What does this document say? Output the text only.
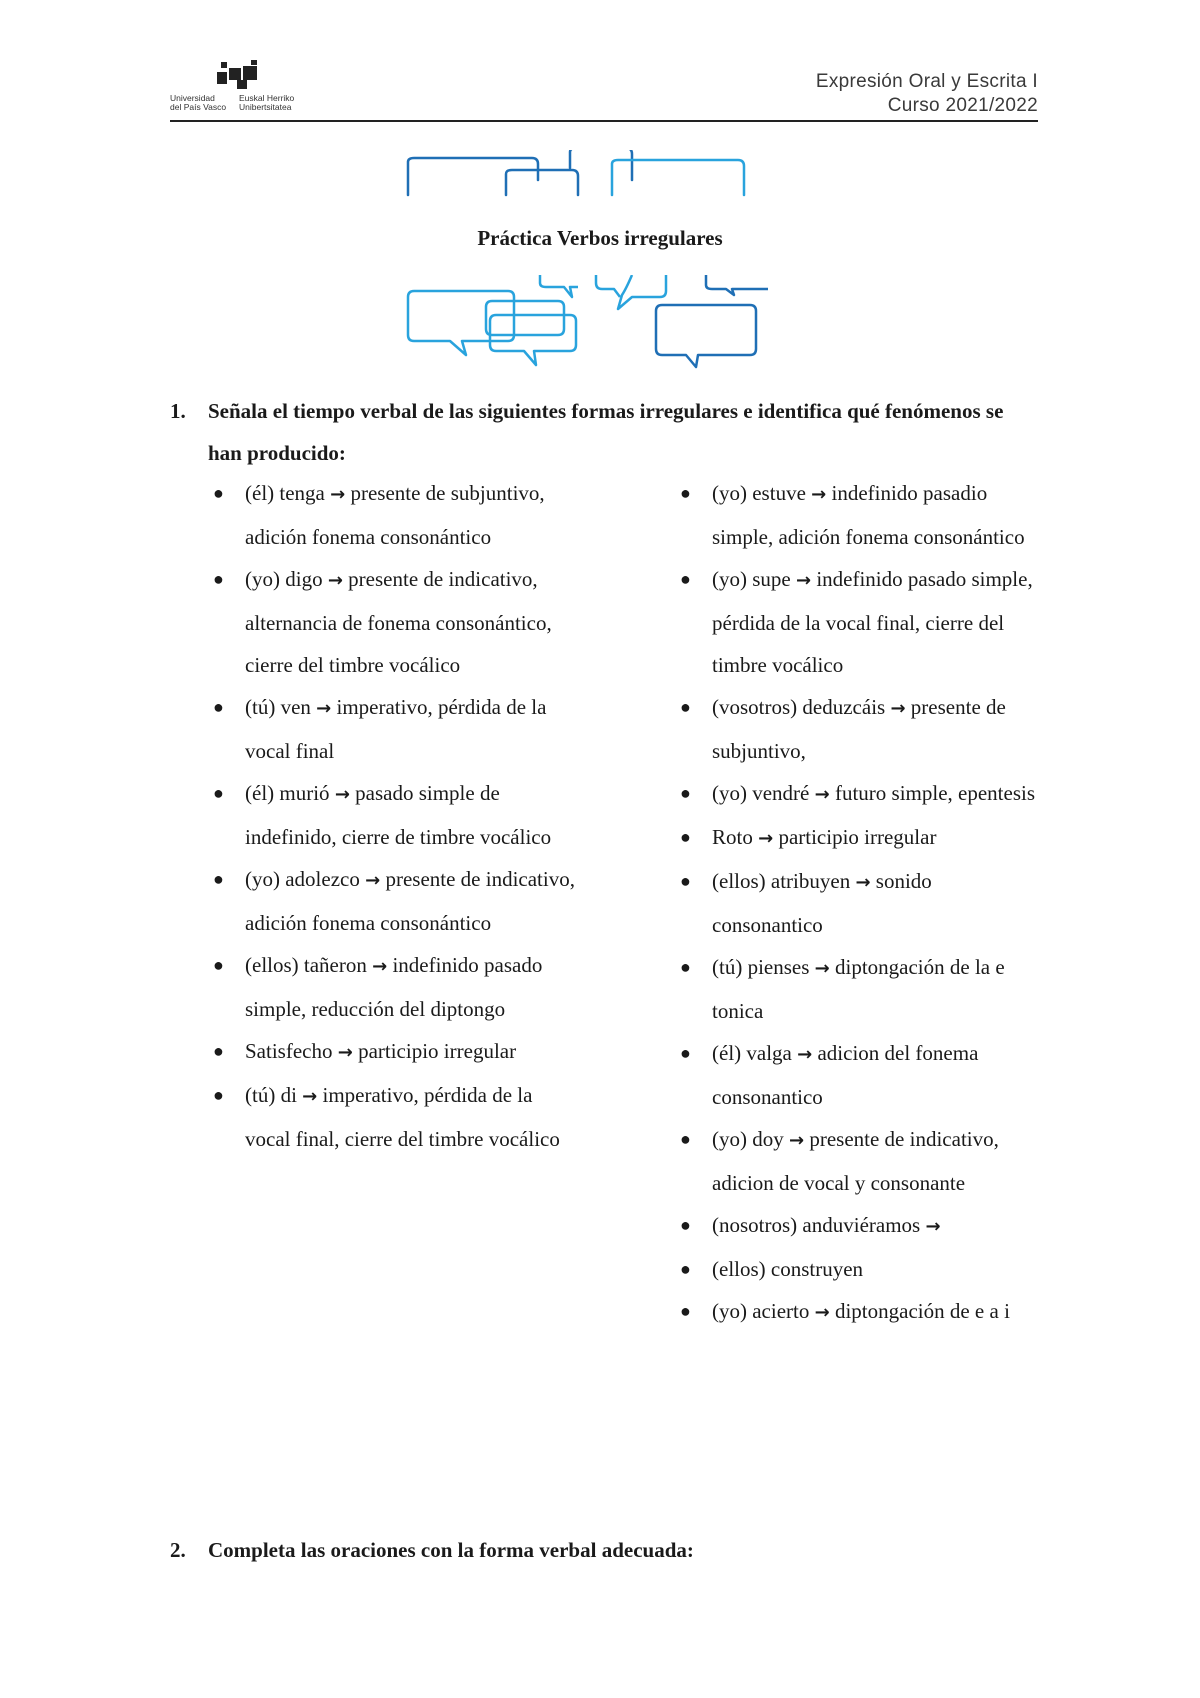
Universidad
del País Vasco
Euskal Herriko
Unibertsitatea
Expresión Oral y Escrita I
Curso 2021/2022
Práctica Verbos irregulares
1. Señala el tiempo verbal de las siguientes formas irregulares e identifica qué fenómenos se han producido:
● (él) tenga → presente de subjuntivo, adición fonema consonántico
● (yo) digo → presente de indicativo, alternancia de fonema consonántico, cierre del timbre vocálico
● (tú) ven → imperativo, pérdida de la vocal final
● (él) murió → pasado simple de indefinido, cierre de timbre vocálico
● (yo) adolezco → presente de indicativo, adición fonema consonántico
● (ellos) tañeron → indefinido pasado simple, reducción del diptongo
● Satisfecho → participio irregular
● (tú) di → imperativo, pérdida de la vocal final, cierre del timbre vocálico
● (yo) estuve → indefinido pasadio simple, adición fonema consonántico
● (yo) supe → indefinido pasado simple, pérdida de la vocal final, cierre del timbre vocálico
● (vosotros) deduzcáis → presente de subjuntivo,
● (yo) vendré → futuro simple, epentesis
● Roto → participio irregular
● (ellos) atribuyen → sonido consonantico
● (tú) pienses → diptongación de la e tonica
● (él) valga → adicion del fonema consonantico
● (yo) doy → presente de indicativo, adicion de vocal y consonante
● (nosotros) anduviéramos →
● (ellos) construyen
● (yo) acierto → diptongación de e a i
2. Completa las oraciones con la forma verbal adecuada:
